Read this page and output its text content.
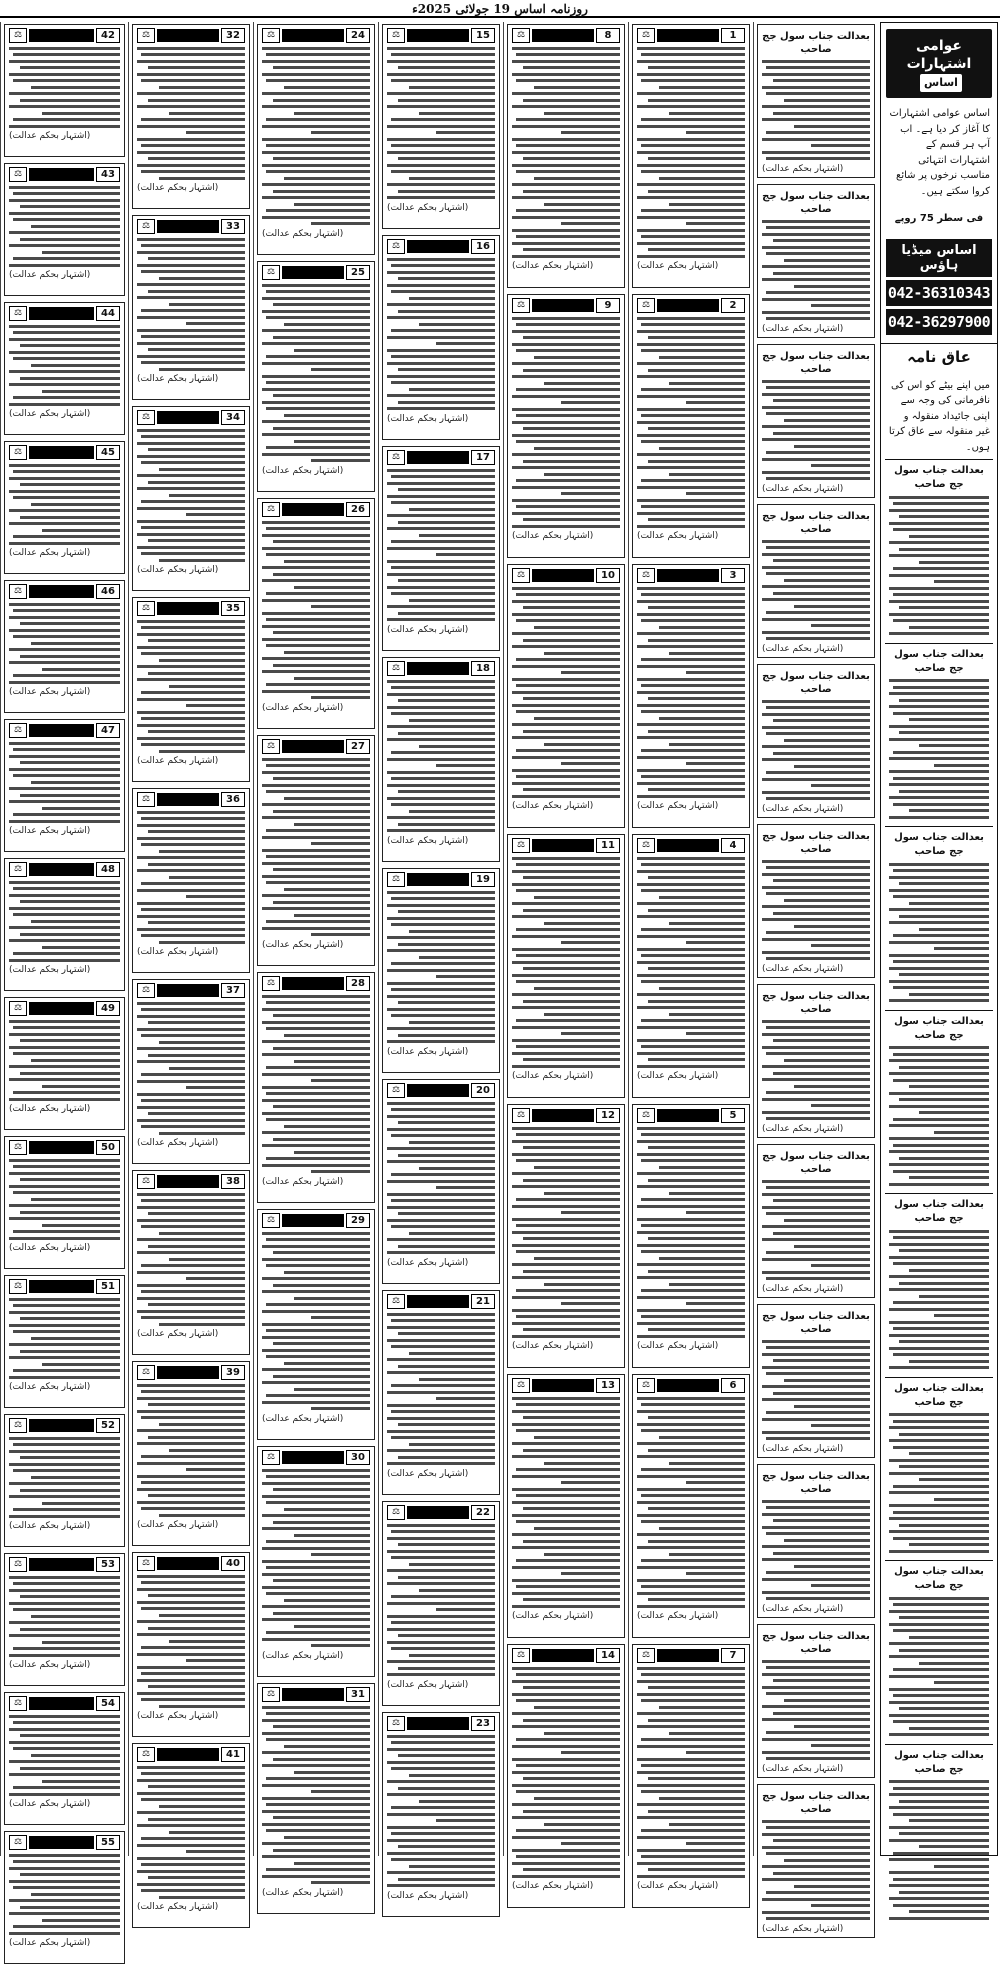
روزنامہ اساس 19 جولائی 2025ء
عوامی اشتہارات اساس
اساس عوامی اشتہارات کا آغاز کر دیا ہے۔ اب آپ ہر قسم کے اشتہارات انتہائی مناسب نرخوں پر شائع کروا سکتے ہیں۔
فی سطر 75 روپے
اساس میڈیا ہاؤس
042-36310343
042-36297900
عاق نامہ
میں اپنے بیٹے کو اس کی نافرمانی کی وجہ سے اپنی جائیداد منقولہ و غیر منقولہ سے عاق کرتا ہوں۔
بعدالت جناب سول جج صاحب
بعدالت جناب سول جج صاحب
بعدالت جناب سول جج صاحب
بعدالت جناب سول جج صاحب
بعدالت جناب سول جج صاحب
بعدالت جناب سول جج صاحب
بعدالت جناب سول جج صاحب
بعدالت جناب سول جج صاحب
بعدالت جناب سول جج صاحب
(اشتہار بحکم عدالت)
بعدالت جناب سول جج صاحب
(اشتہار بحکم عدالت)
بعدالت جناب سول جج صاحب
(اشتہار بحکم عدالت)
بعدالت جناب سول جج صاحب
(اشتہار بحکم عدالت)
بعدالت جناب سول جج صاحب
(اشتہار بحکم عدالت)
بعدالت جناب سول جج صاحب
(اشتہار بحکم عدالت)
بعدالت جناب سول جج صاحب
(اشتہار بحکم عدالت)
بعدالت جناب سول جج صاحب
(اشتہار بحکم عدالت)
بعدالت جناب سول جج صاحب
(اشتہار بحکم عدالت)
بعدالت جناب سول جج صاحب
(اشتہار بحکم عدالت)
بعدالت جناب سول جج صاحب
(اشتہار بحکم عدالت)
بعدالت جناب سول جج صاحب
(اشتہار بحکم عدالت)
1
⚖
(اشتہار بحکم عدالت)
2
⚖
(اشتہار بحکم عدالت)
3
⚖
(اشتہار بحکم عدالت)
4
⚖
(اشتہار بحکم عدالت)
5
⚖
(اشتہار بحکم عدالت)
6
⚖
(اشتہار بحکم عدالت)
7
⚖
(اشتہار بحکم عدالت)
8
⚖
(اشتہار بحکم عدالت)
9
⚖
(اشتہار بحکم عدالت)
10
⚖
(اشتہار بحکم عدالت)
11
⚖
(اشتہار بحکم عدالت)
12
⚖
(اشتہار بحکم عدالت)
13
⚖
(اشتہار بحکم عدالت)
14
⚖
(اشتہار بحکم عدالت)
15
⚖
(اشتہار بحکم عدالت)
16
⚖
(اشتہار بحکم عدالت)
17
⚖
(اشتہار بحکم عدالت)
18
⚖
(اشتہار بحکم عدالت)
19
⚖
(اشتہار بحکم عدالت)
20
⚖
(اشتہار بحکم عدالت)
21
⚖
(اشتہار بحکم عدالت)
22
⚖
(اشتہار بحکم عدالت)
23
⚖
(اشتہار بحکم عدالت)
24
⚖
(اشتہار بحکم عدالت)
25
⚖
(اشتہار بحکم عدالت)
26
⚖
(اشتہار بحکم عدالت)
27
⚖
(اشتہار بحکم عدالت)
28
⚖
(اشتہار بحکم عدالت)
29
⚖
(اشتہار بحکم عدالت)
30
⚖
(اشتہار بحکم عدالت)
31
⚖
(اشتہار بحکم عدالت)
32
⚖
(اشتہار بحکم عدالت)
33
⚖
(اشتہار بحکم عدالت)
34
⚖
(اشتہار بحکم عدالت)
35
⚖
(اشتہار بحکم عدالت)
36
⚖
(اشتہار بحکم عدالت)
37
⚖
(اشتہار بحکم عدالت)
38
⚖
(اشتہار بحکم عدالت)
39
⚖
(اشتہار بحکم عدالت)
40
⚖
(اشتہار بحکم عدالت)
41
⚖
(اشتہار بحکم عدالت)
42
⚖
(اشتہار بحکم عدالت)
43
⚖
(اشتہار بحکم عدالت)
44
⚖
(اشتہار بحکم عدالت)
45
⚖
(اشتہار بحکم عدالت)
46
⚖
(اشتہار بحکم عدالت)
47
⚖
(اشتہار بحکم عدالت)
48
⚖
(اشتہار بحکم عدالت)
49
⚖
(اشتہار بحکم عدالت)
50
⚖
(اشتہار بحکم عدالت)
51
⚖
(اشتہار بحکم عدالت)
52
⚖
(اشتہار بحکم عدالت)
53
⚖
(اشتہار بحکم عدالت)
54
⚖
(اشتہار بحکم عدالت)
55
⚖
(اشتہار بحکم عدالت)
